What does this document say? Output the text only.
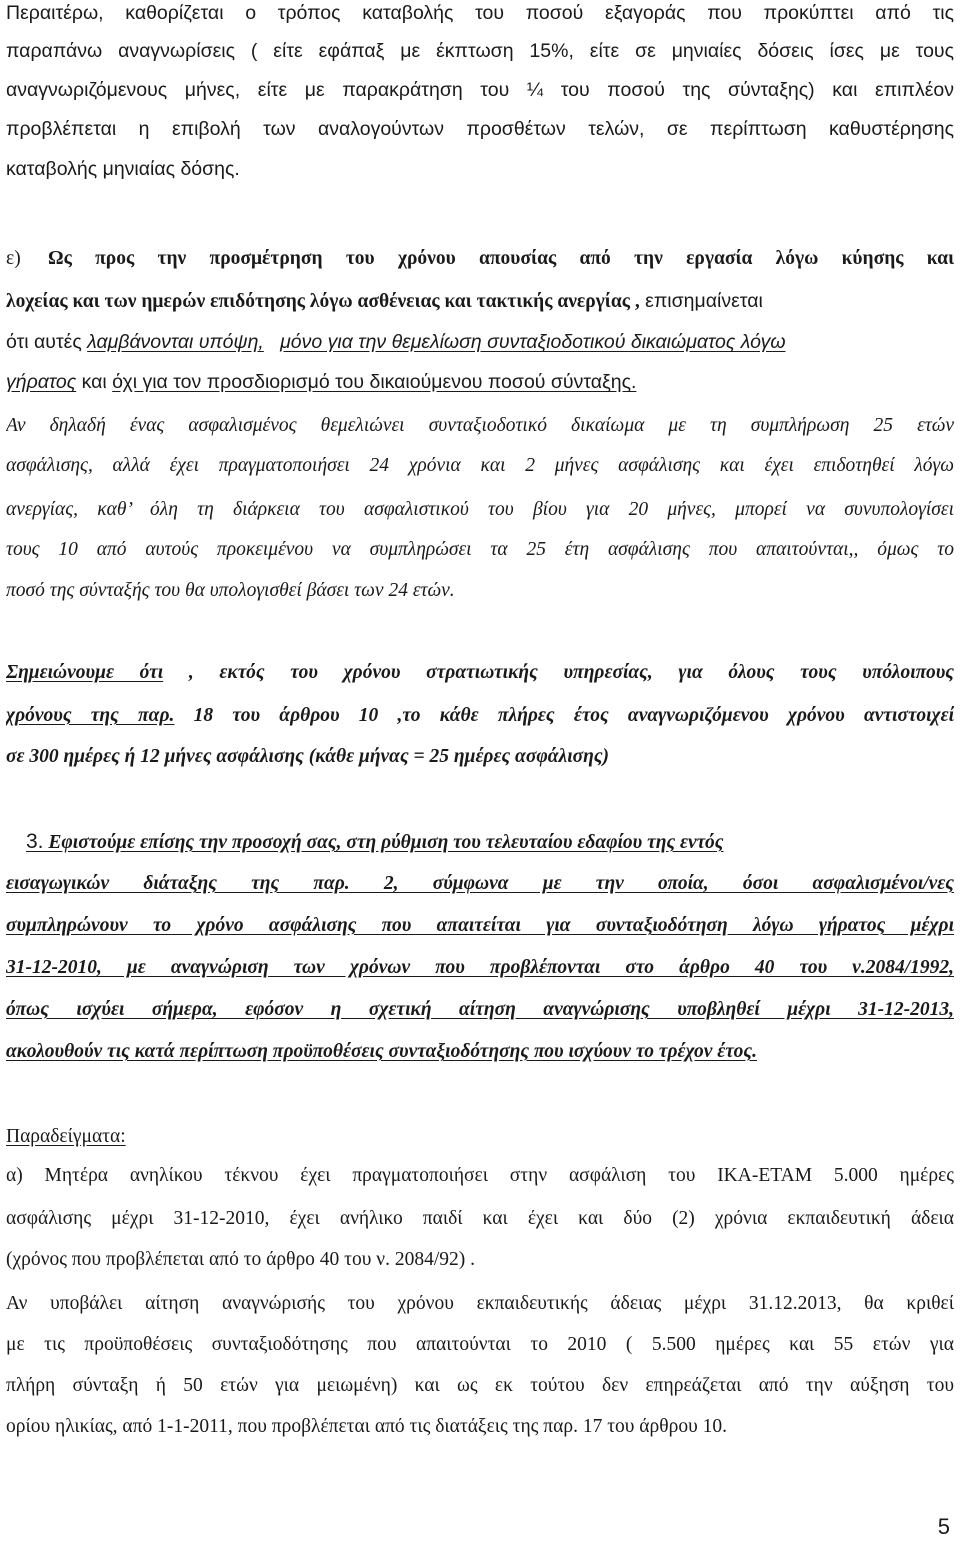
Περαιτέρω, καθορίζεται ο τρόπος καταβολής του ποσού εξαγοράς που προκύπτει από τις
παραπάνω αναγνωρίσεις ( είτε εφάπαξ με έκπτωση 15%, είτε σε μηνιαίες δόσεις ίσες με τους
αναγνωριζόμενους μήνες, είτε με παρακράτηση του ¼ του ποσού της σύνταξης) και επιπλέον
προβλέπεται η επιβολή των αναλογούντων προσθέτων τελών, σε περίπτωση καθυστέρησης
καταβολής μηνιαίας δόσης.
ε)	Ως προς την προσμέτρηση του χρόνου απουσίας από την εργασία λόγω κύησης και
λοχείας και των ημερών επιδότησης λόγω ασθένειας και τακτικής ανεργίας , επισημαίνεται
ότι αυτές λαμβάνονται υπόψη, μόνο για την θεμελίωση συνταξιοδοτικού δικαιώματος λόγω
γήρατος και όχι για τον προσδιορισμό του δικαιούμενου ποσού σύνταξης.
Αν δηλαδή ένας ασφαλισμένος θεμελιώνει συνταξιοδοτικό δικαίωμα με τη συμπλήρωση 25 ετών
ασφάλισης, αλλά έχει πραγματοποιήσει 24 χρόνια και 2 μήνες ασφάλισης και έχει επιδοτηθεί λόγω
ανεργίας, καθ’ όλη τη διάρκεια του ασφαλιστικού του βίου για 20 μήνες, μπορεί να συνυπολογίσει
τους 10 από αυτούς προκειμένου να συμπληρώσει τα 25 έτη ασφάλισης που απαιτούνται,, όμως το
ποσό της σύνταξής του θα υπολογισθεί βάσει των 24 ετών.
Σημειώνουμε ότι , εκτός του χρόνου στρατιωτικής υπηρεσίας, για όλους τους υπόλοιπους
χρόνους της παρ. 18 του άρθρου 10 ,το κάθε πλήρες έτος αναγνωριζόμενου χρόνου αντιστοιχεί
σε 300 ημέρες ή 12 μήνες ασφάλισης (κάθε μήνας = 25 ημέρες ασφάλισης)
3. Εφιστούμε επίσης την προσοχή σας, στη ρύθμιση του τελευταίου εδαφίου της εντός
εισαγωγικών διάταξης της παρ. 2, σύμφωνα με την οποία, όσοι ασφαλισμένοι/νες
συμπληρώνουν το χρόνο ασφάλισης που απαιτείται για συνταξιοδότηση λόγω γήρατος μέχρι
31-12-2010, με αναγνώριση των χρόνων που προβλέπονται στο άρθρο 40 του ν.2084/1992,
όπως ισχύει σήμερα, εφόσον η σχετική αίτηση αναγνώρισης υποβληθεί μέχρι 31-12-2013,
ακολουθούν τις κατά περίπτωση προϋποθέσεις συνταξιοδότησης που ισχύουν το τρέχον έτος.
Παραδείγματα:
α) Μητέρα ανηλίκου τέκνου έχει πραγματοποιήσει στην ασφάλιση του ΙΚΑ-ΕΤΑΜ 5.000 ημέρες
ασφάλισης μέχρι 31-12-2010, έχει ανήλικο παιδί και έχει και δύο (2) χρόνια εκπαιδευτική άδεια
(χρόνος που προβλέπεται από το άρθρο 40 του ν. 2084/92) .
Αν υποβάλει αίτηση αναγνώρισής του χρόνου εκπαιδευτικής άδειας μέχρι 31.12.2013, θα κριθεί
με τις προϋποθέσεις συνταξιοδότησης που απαιτούνται το 2010 ( 5.500 ημέρες και 55 ετών για
πλήρη σύνταξη ή 50 ετών για μειωμένη) και ως εκ τούτου δεν επηρεάζεται από την αύξηση του
ορίου ηλικίας, από 1-1-2011, που προβλέπεται από τις διατάξεις της παρ. 17 του άρθρου 10.
5
